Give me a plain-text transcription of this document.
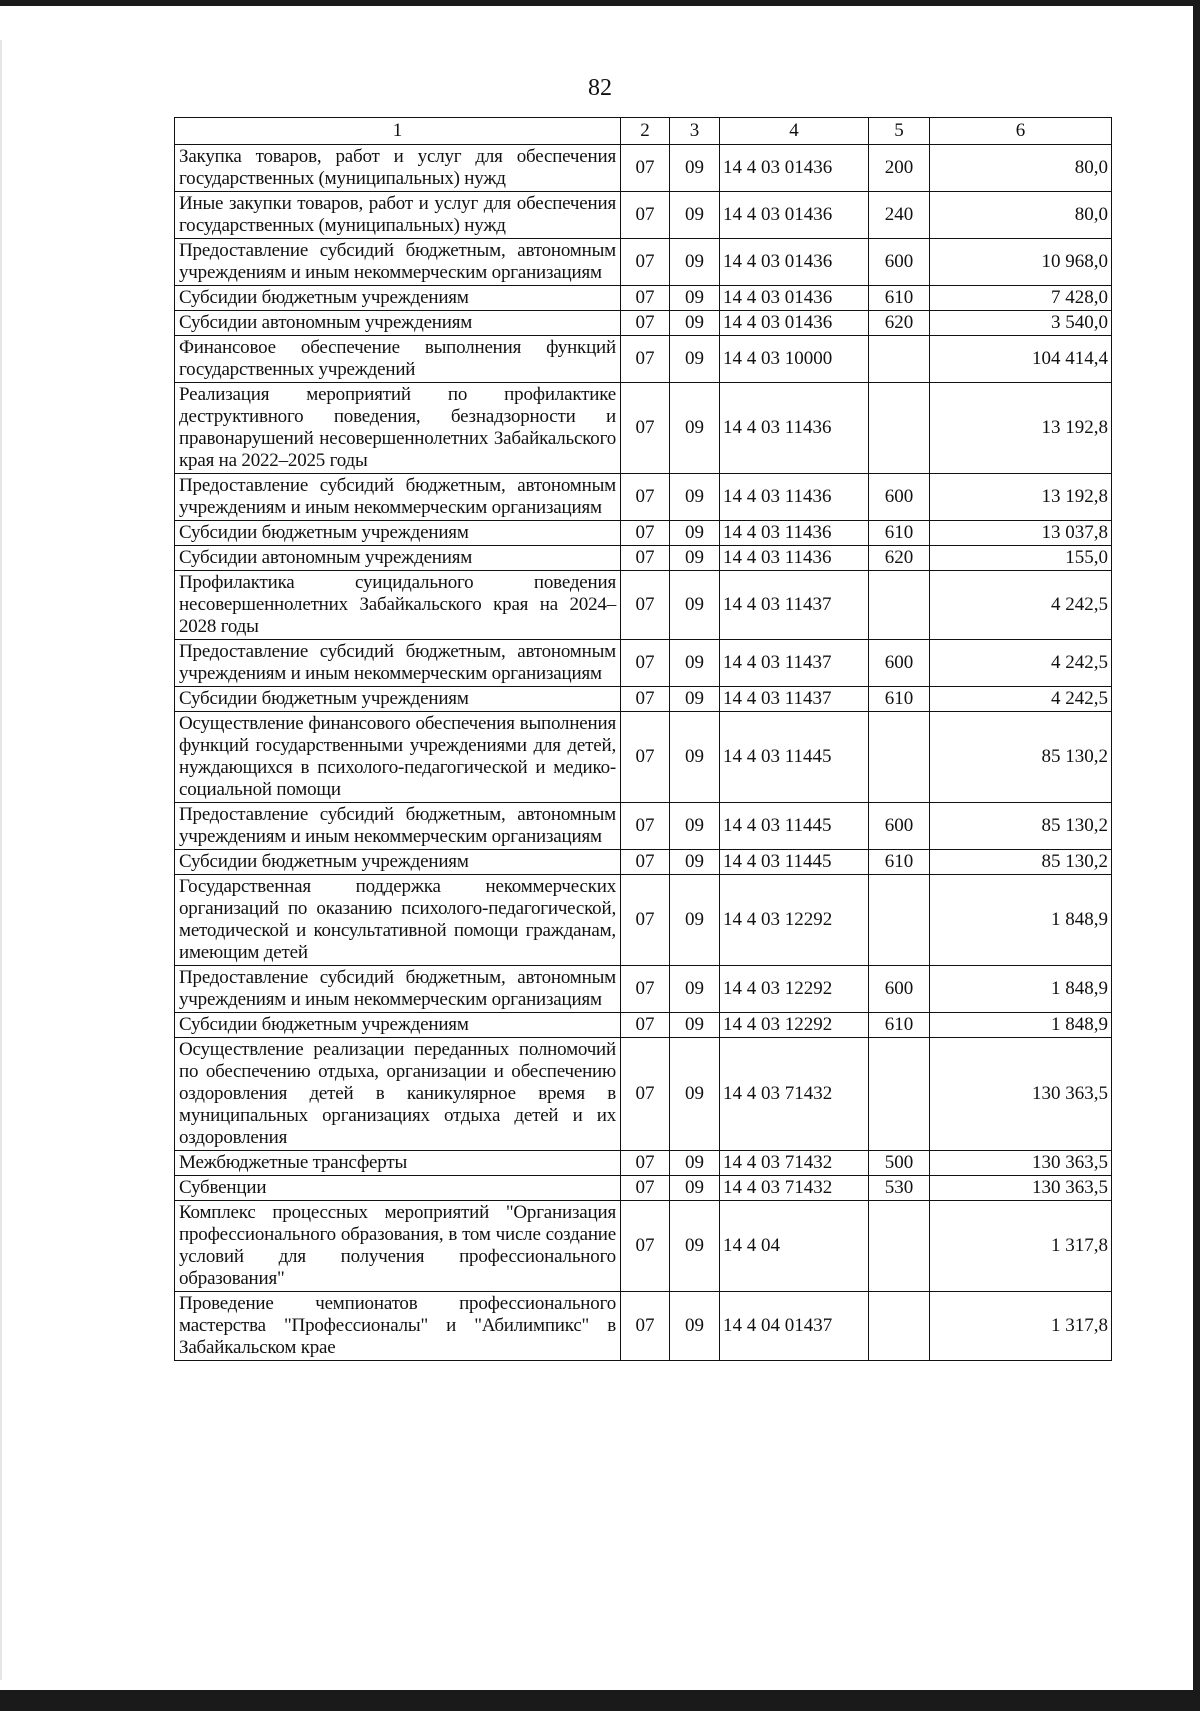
82
1	2	3	4	5	6
Закупка товаров, работ и услуг для обеспечения государственных (муниципальных) нужд	07	09	14 4 03 01436	200	80,0
Иные закупки товаров, работ и услуг для обеспечения государственных (муниципальных) нужд	07	09	14 4 03 01436	240	80,0
Предоставление субсидий бюджетным, автономным учреждениям и иным некоммерческим организациям	07	09	14 4 03 01436	600	10 968,0
Субсидии бюджетным учреждениям	07	09	14 4 03 01436	610	7 428,0
Субсидии автономным учреждениям	07	09	14 4 03 01436	620	3 540,0
Финансовое обеспечение выполнения функций государственных учреждений	07	09	14 4 03 10000		104 414,4
Реализация мероприятий по профилактике деструктивного поведения, безнадзорности и правонарушений несовершеннолетних Забайкальского края на 2022–2025 годы	07	09	14 4 03 11436		13 192,8
Предоставление субсидий бюджетным, автономным учреждениям и иным некоммерческим организациям	07	09	14 4 03 11436	600	13 192,8
Субсидии бюджетным учреждениям	07	09	14 4 03 11436	610	13 037,8
Субсидии автономным учреждениям	07	09	14 4 03 11436	620	155,0
Профилактика суицидального поведения несовершеннолетних Забайкальского края на 2024–2028 годы	07	09	14 4 03 11437		4 242,5
Предоставление субсидий бюджетным, автономным учреждениям и иным некоммерческим организациям	07	09	14 4 03 11437	600	4 242,5
Субсидии бюджетным учреждениям	07	09	14 4 03 11437	610	4 242,5
Осуществление финансового обеспечения выполнения функций государственными учреждениями для детей, нуждающихся в психолого-педагогической и медико-социальной помощи	07	09	14 4 03 11445		85 130,2
Предоставление субсидий бюджетным, автономным учреждениям и иным некоммерческим организациям	07	09	14 4 03 11445	600	85 130,2
Субсидии бюджетным учреждениям	07	09	14 4 03 11445	610	85 130,2
Государственная поддержка некоммерческих организаций по оказанию психолого-педагогической, методической и консультативной помощи гражданам, имеющим детей	07	09	14 4 03 12292		1 848,9
Предоставление субсидий бюджетным, автономным учреждениям и иным некоммерческим организациям	07	09	14 4 03 12292	600	1 848,9
Субсидии бюджетным учреждениям	07	09	14 4 03 12292	610	1 848,9
Осуществление реализации переданных полномочий по обеспечению отдыха, организации и обеспечению оздоровления детей в каникулярное время в муниципальных организациях отдыха детей и их оздоровления	07	09	14 4 03 71432		130 363,5
Межбюджетные трансферты	07	09	14 4 03 71432	500	130 363,5
Субвенции	07	09	14 4 03 71432	530	130 363,5
Комплекс процессных мероприятий "Организация профессионального образования, в том числе создание условий для получения профессионального образования"	07	09	14 4 04		1 317,8
Проведение чемпионатов профессионального мастерства "Профессионалы" и "Абилимпикс" в Забайкальском крае	07	09	14 4 04 01437		1 317,8
